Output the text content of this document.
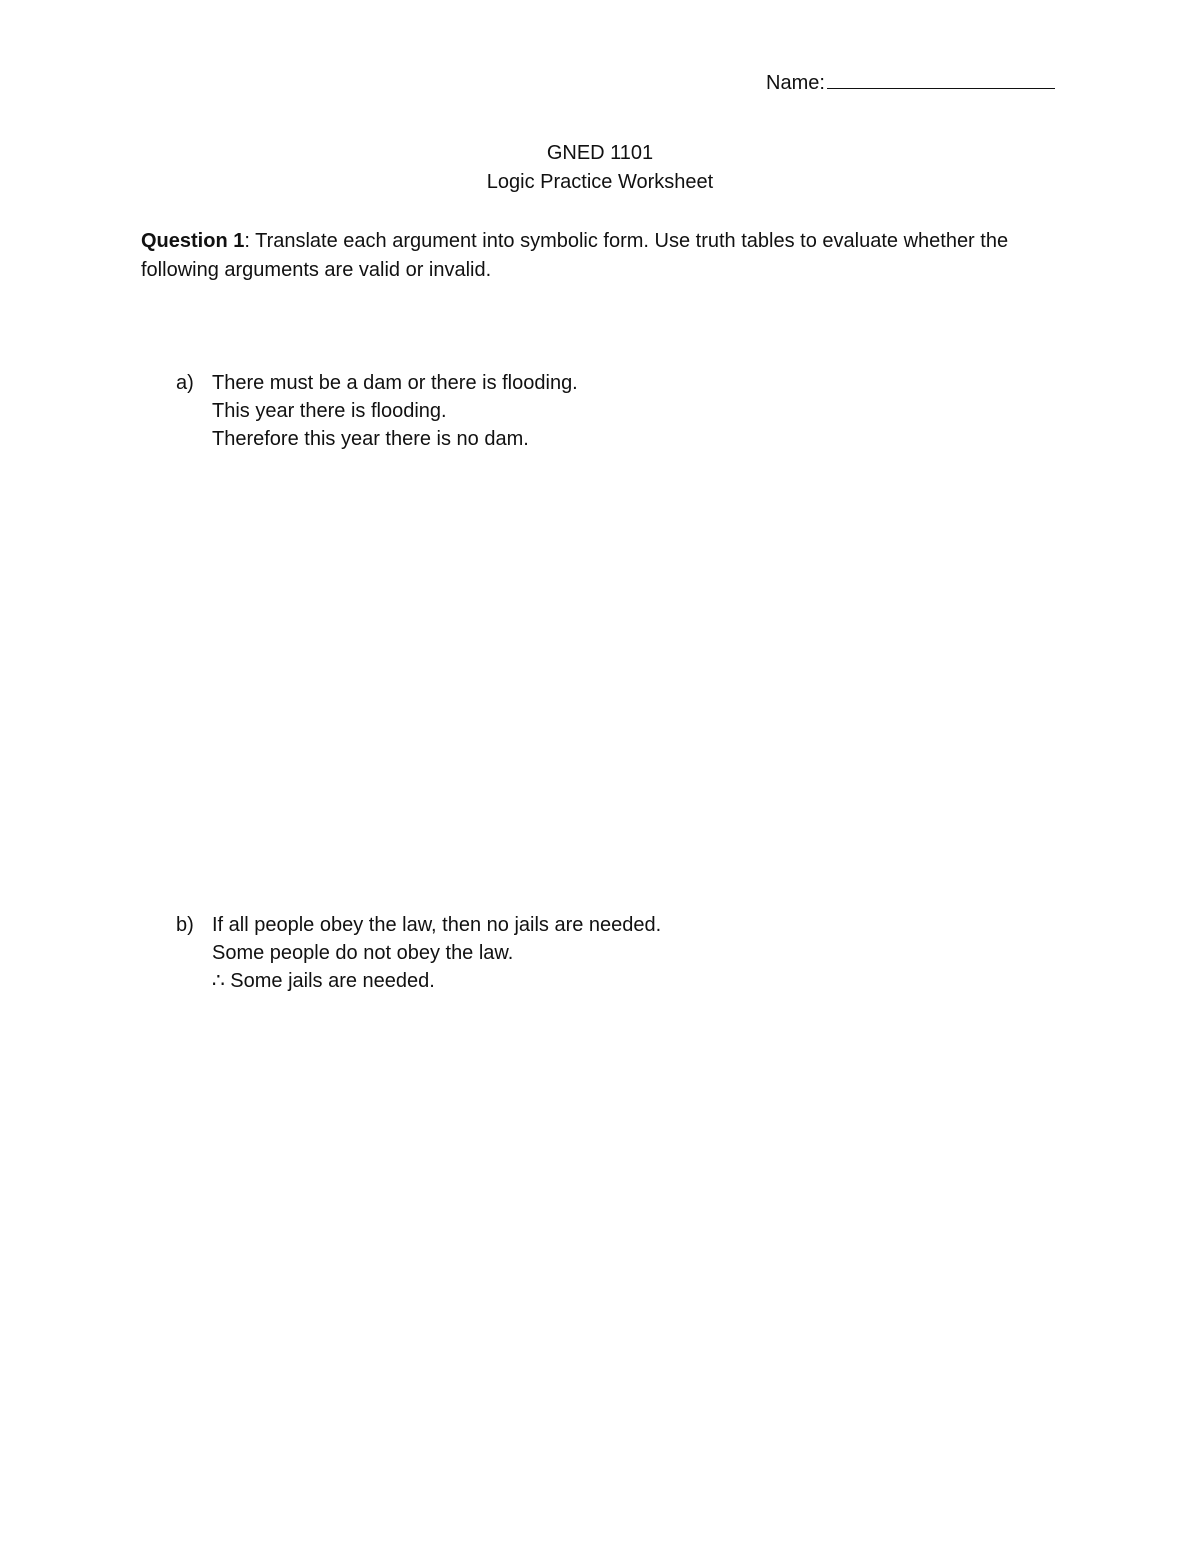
Name:
GNED 1101
Logic Practice Worksheet
Question 1: Translate each argument into symbolic form. Use truth tables to evaluate whether the following arguments are valid or invalid.
a) There must be a dam or there is flooding.
This year there is flooding.
Therefore this year there is no dam.
b) If all people obey the law, then no jails are needed.
Some people do not obey the law.
∴ Some jails are needed.
